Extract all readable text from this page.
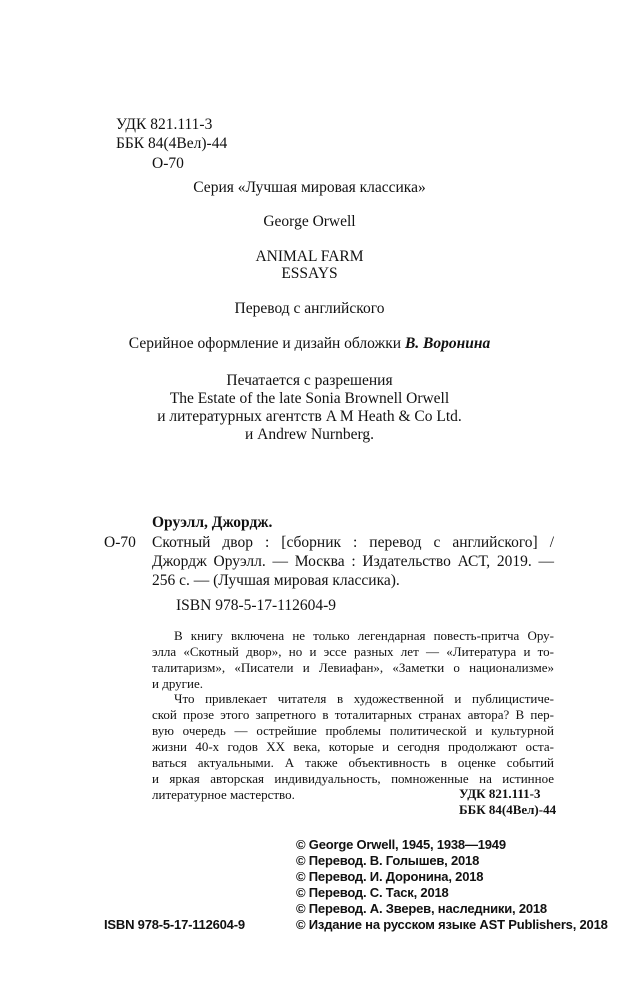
УДК 821.111-3
ББК 84(4Вел)-44
О-70
Серия «Лучшая мировая классика»
George Orwell
ANIMAL FARM
ESSAYS
Перевод с английского
Серийное оформление и дизайн обложки В. Воронина
Печатается с разрешения
The Estate of the late Sonia Brownell Orwell
и литературных агентств A M Heath & Co Ltd.
и Andrew Nurnberg.
Оруэлл, Джордж.
О-70 Скотный двор : [сборник : перевод с английского] /
Джордж Оруэлл. — Москва : Издательство АСТ, 2019. —
256 с. — (Лучшая мировая классика).
ISBN 978-5-17-112604-9
В книгу включена не только легендарная повесть-притча Ору-
элла «Скотный двор», но и эссе разных лет — «Литература и то-
талитаризм», «Писатели и Левиафан», «Заметки о национализме»
и другие.
Что привлекает читателя в художественной и публицистиче-
ской прозе этого запретного в тоталитарных странах автора? В пер-
вую очередь — острейшие проблемы политической и культурной
жизни 40-х годов XX века, которые и сегодня продолжают оста-
ваться актуальными. А также объективность в оценке событий
и яркая авторская индивидуальность, помноженные на истинное
литературное мастерство.	УДК 821.111-3
ББК 84(4Вел)-44
© George Orwell, 1945, 1938—1949
© Перевод. В. Голышев, 2018
© Перевод. И. Доронина, 2018
© Перевод. С. Таск, 2018
© Перевод. А. Зверев, наследники, 2018
© Издание на русском языке AST Publishers, 2018
ISBN 978-5-17-112604-9
